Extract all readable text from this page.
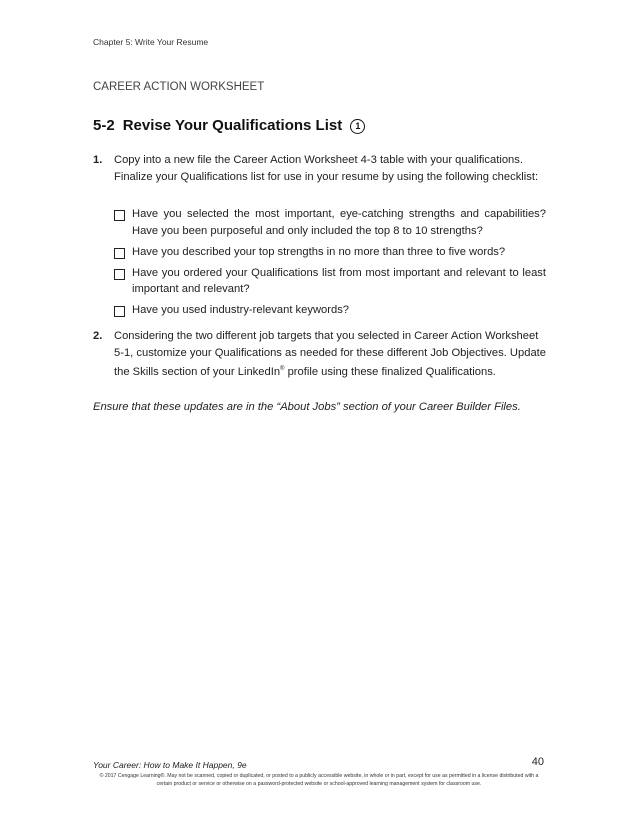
Chapter 5: Write Your Resume
CAREER ACTION WORKSHEET
5-2 Revise Your Qualifications List 1
1. Copy into a new file the Career Action Worksheet 4-3 table with your qualifications. Finalize your Qualifications list for use in your resume by using the following checklist:
Have you selected the most important, eye-catching strengths and capabilities? Have you been purposeful and only included the top 8 to 10 strengths?
Have you described your top strengths in no more than three to five words?
Have you ordered your Qualifications list from most important and relevant to least important and relevant?
Have you used industry-relevant keywords?
2. Considering the two different job targets that you selected in Career Action Worksheet 5-1, customize your Qualifications as needed for these different Job Objectives. Update the Skills section of your LinkedIn® profile using these finalized Qualifications.
Ensure that these updates are in the “About Jobs” section of your Career Builder Files.
Your Career: How to Make It Happen, 9e	40
© 2017 Cengage Learning®. May not be scanned, copied or duplicated, or posted to a publicly accessible website, in whole or in part, except for use as permitted in a license distributed with a certain product or service or otherwise on a password-protected website or school-approved learning management system for classroom use.
